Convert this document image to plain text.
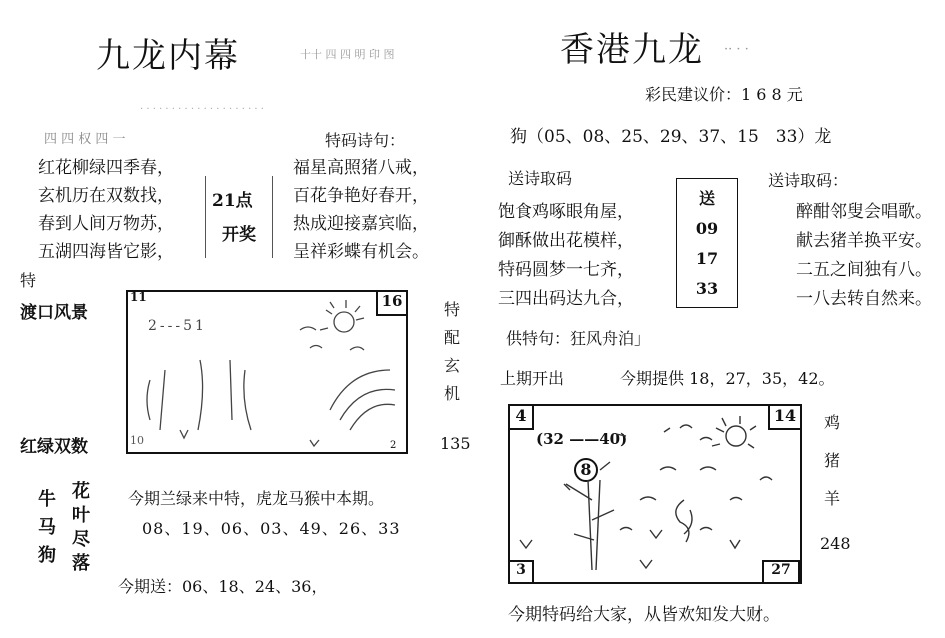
九龙内幕	十十 四 四 明 印 图
· · · · · · · · · · · · · · · · · · · ·
四 四 权 四 一	特码诗句：
红花柳绿四季春，
玄机历在双数找，
春到人间万物苏，
五湖四海皆它影，
21点
开奖
福星高照猪八戒，
百花争艳好春开，
热成迎接嘉宾临，
呈祥彩蝶有机会。
特
渡口风景
红绿双数	135
16
11
10	2
2---51
特
配
玄
机
牛
马
狗
花
叶
尽
落
今期兰绿来中特，虎龙马猴中本期。
08、19、06、03、49、26、33
今期送：06、18、24、36，
香港九龙 ·· · ·
彩民建议价：1 6 8 元
狗（05、08、25、29、37、15　33）龙
送诗取码	送诗取码：
饱食鸡啄眼角屋，
御酥做出花模样，
特码圆梦一七齐，
三四出码达九合，
送
09
17
33
醉酣邻叟会唱歌。
献去猪羊换平安。
二五之间独有八。
一八去转自然来。
供特句：狂风舟泊」
上期开出	今期提供 18，27，35，42。
4	14
3	27
(32 ——40)
8
鸡
猪
羊
248
今期特码给大家，从皆欢知发大财。
